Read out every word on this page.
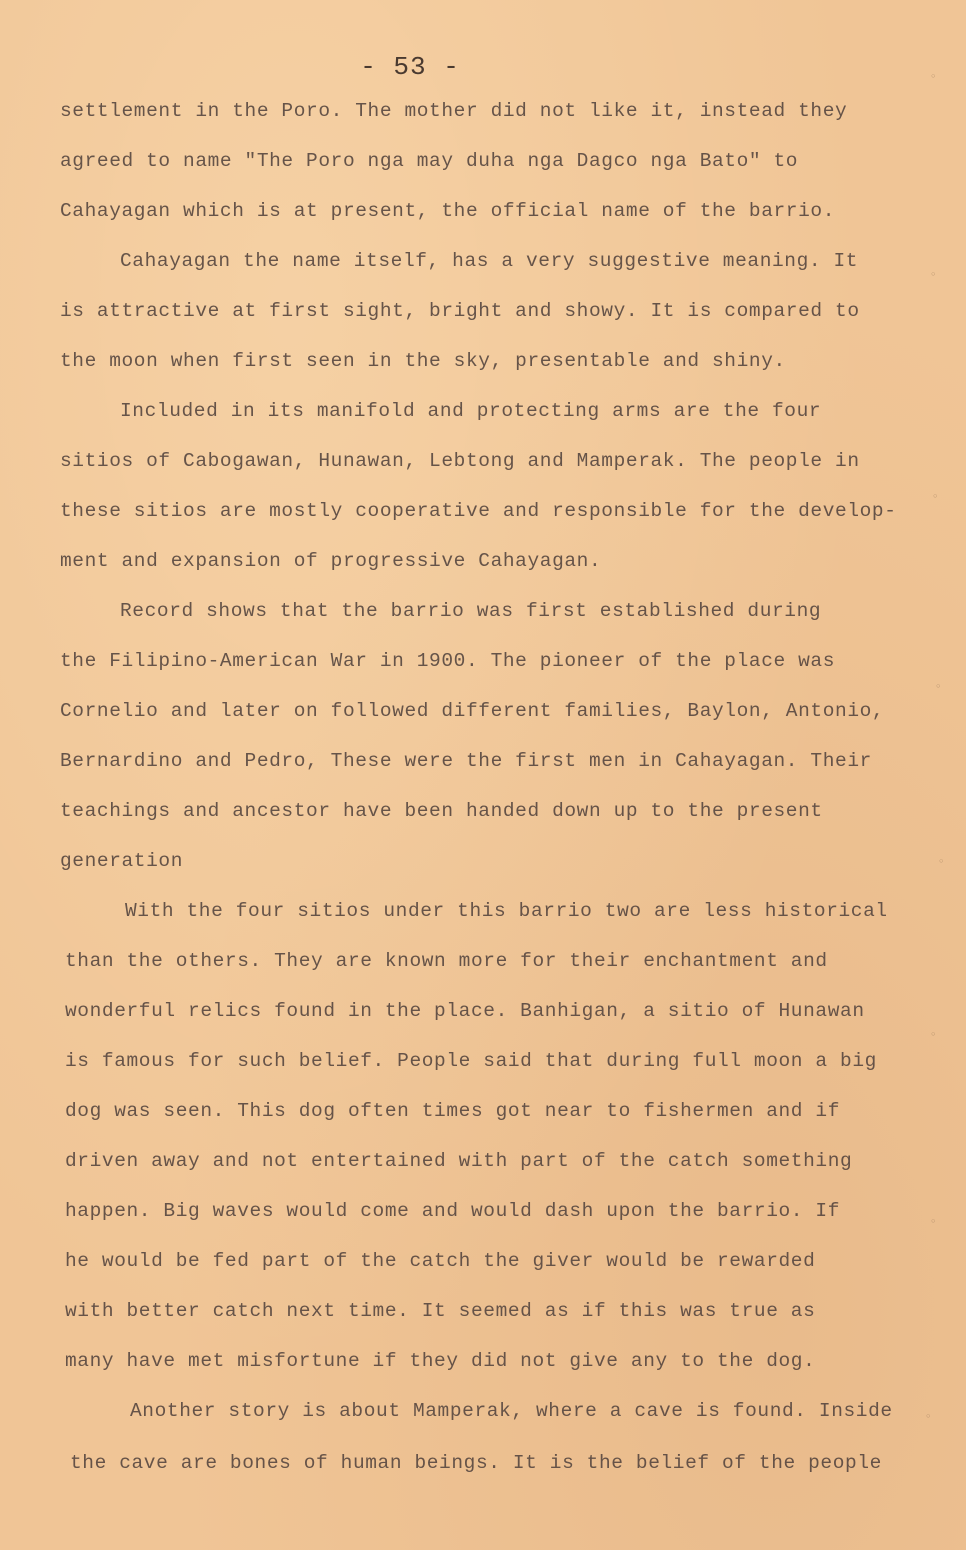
- 53 -
settlement in the Poro. The mother did not like it, instead they
agreed to name "The Poro nga may duha nga Dagco nga Bato" to
Cahayagan which is at present, the official name of the barrio.
Cahayagan the name itself, has a very suggestive meaning. It
is attractive at first sight, bright and showy. It is compared to
the moon when first seen in the sky, presentable and shiny.
Included in its manifold and protecting arms are the four
sitios of Cabogawan, Hunawan, Lebtong and Mamperak. The people in
these sitios are mostly cooperative and responsible for the develop-
ment and expansion of progressive Cahayagan.
Record shows that the barrio was first established during
the Filipino-American War in 1900. The pioneer of the place was
Cornelio and later on followed different families, Baylon, Antonio,
Bernardino and Pedro, These were the first men in Cahayagan. Their
teachings and ancestor have been handed down up to the present
generation
With the four sitios under this barrio two are less historical
than the others. They are known more for their enchantment and
wonderful relics found in the place. Banhigan, a sitio of Hunawan
is famous for such belief. People said that during full moon a big
dog was seen. This dog often times got near to fishermen and if
driven away and not entertained with part of the catch something
happen. Big waves would come and would dash upon the barrio. If
he would be fed part of the catch the giver would be rewarded
with better catch next time. It seemed as if this was true as
many have met misfortune if they did not give any to the dog.
Another story is about Mamperak, where a cave is found. Inside
the cave are bones of human beings. It is the belief of the people
◦
◦
◦
◦
◦
◦
◦
◦
